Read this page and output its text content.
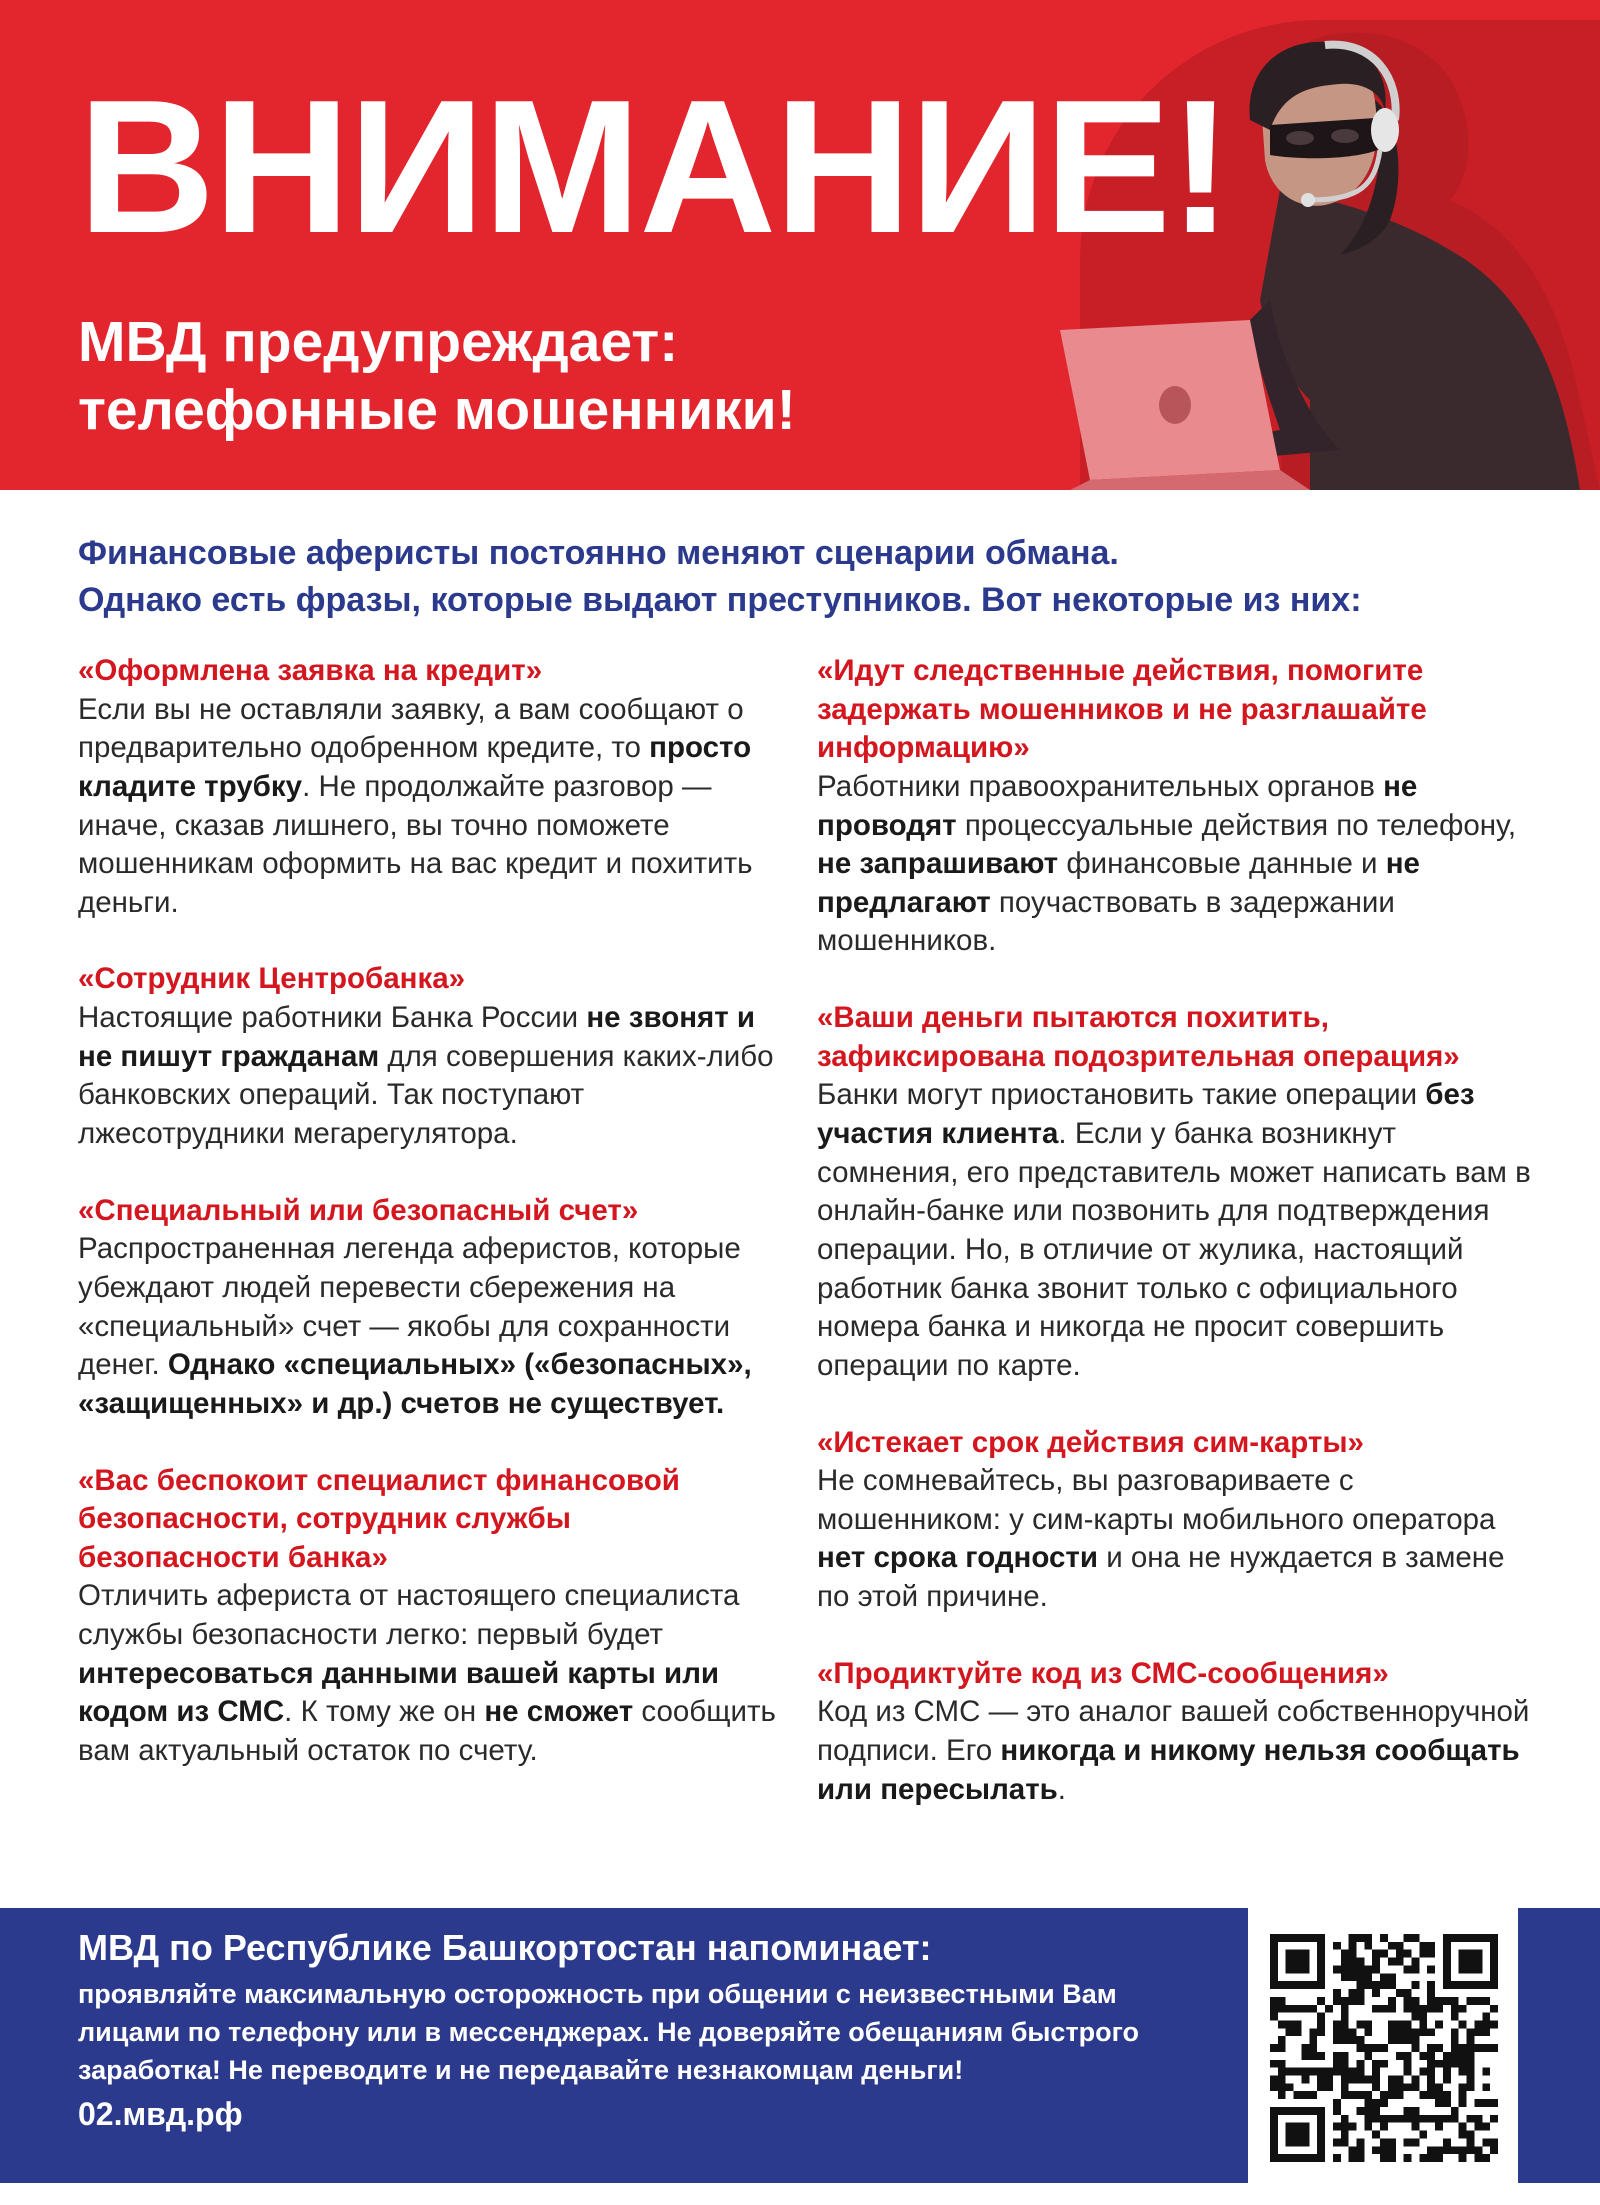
ВНИМАНИЕ!
МВД предупреждает:
телефонные мошенники!
Финансовые аферисты постоянно меняют сценарии обмана.
Однако есть фразы, которые выдают преступников. Вот некоторые из них:
«Оформлена заявка на кредит»
Если вы не оставляли заявку, а вам сообщают о предварительно одобренном кредите, то просто кладите трубку. Не продолжайте разговор — иначе, сказав лишнего, вы точно поможете мошенникам оформить на вас кредит и похитить деньги.
«Сотрудник Центробанка»
Настоящие работники Банка России не звонят и не пишут гражданам для совершения каких-либо банковских операций. Так поступают лжесотрудники мегарегулятора.
«Специальный или безопасный счет»
Распространенная легенда аферистов, которые убеждают людей перевести сбережения на «специальный» счет — якобы для сохранности денег. Однако «специальных» («безопасных», «защищенных» и др.) счетов не существует.
«Вас беспокоит специалист финансовой безопасности, сотрудник службы безопасности банка»
Отличить афериста от настоящего специалиста службы безопасности легко: первый будет интересоваться данными вашей карты или кодом из СМС. К тому же он не сможет сообщить вам актуальный остаток по счету.
«Идут следственные действия, помогите задержать мошенников и не разглашайте информацию»
Работники правоохранительных органов не проводят процессуальные действия по телефону, не запрашивают финансовые данные и не предлагают поучаствовать в задержании мошенников.
«Ваши деньги пытаются похитить, зафиксирована подозрительная операция»
Банки могут приостановить такие операции без участия клиента. Если у банка возникнут сомнения, его представитель может написать вам в онлайн-банке или позвонить для подтверждения операции. Но, в отличие от жулика, настоящий работник банка звонит только с официального номера банка и никогда не просит совершить операции по карте.
«Истекает срок действия сим-карты»
Не сомневайтесь, вы разговариваете с мошенником: у сим-карты мобильного оператора нет срока годности и она не нуждается в замене по этой причине.
«Продиктуйте код из СМС-сообщения»
Код из СМС — это аналог вашей собственноручной подписи. Его никогда и никому нельзя сообщать или пересылать.
МВД по Республике Башкортостан напоминает:
проявляйте максимальную осторожность при общении с неизвестными Вам лицами по телефону или в мессенджерах. Не доверяйте обещаниям быстрого заработка! Не переводите и не передавайте незнакомцам деньги!
02.мвд.рф
